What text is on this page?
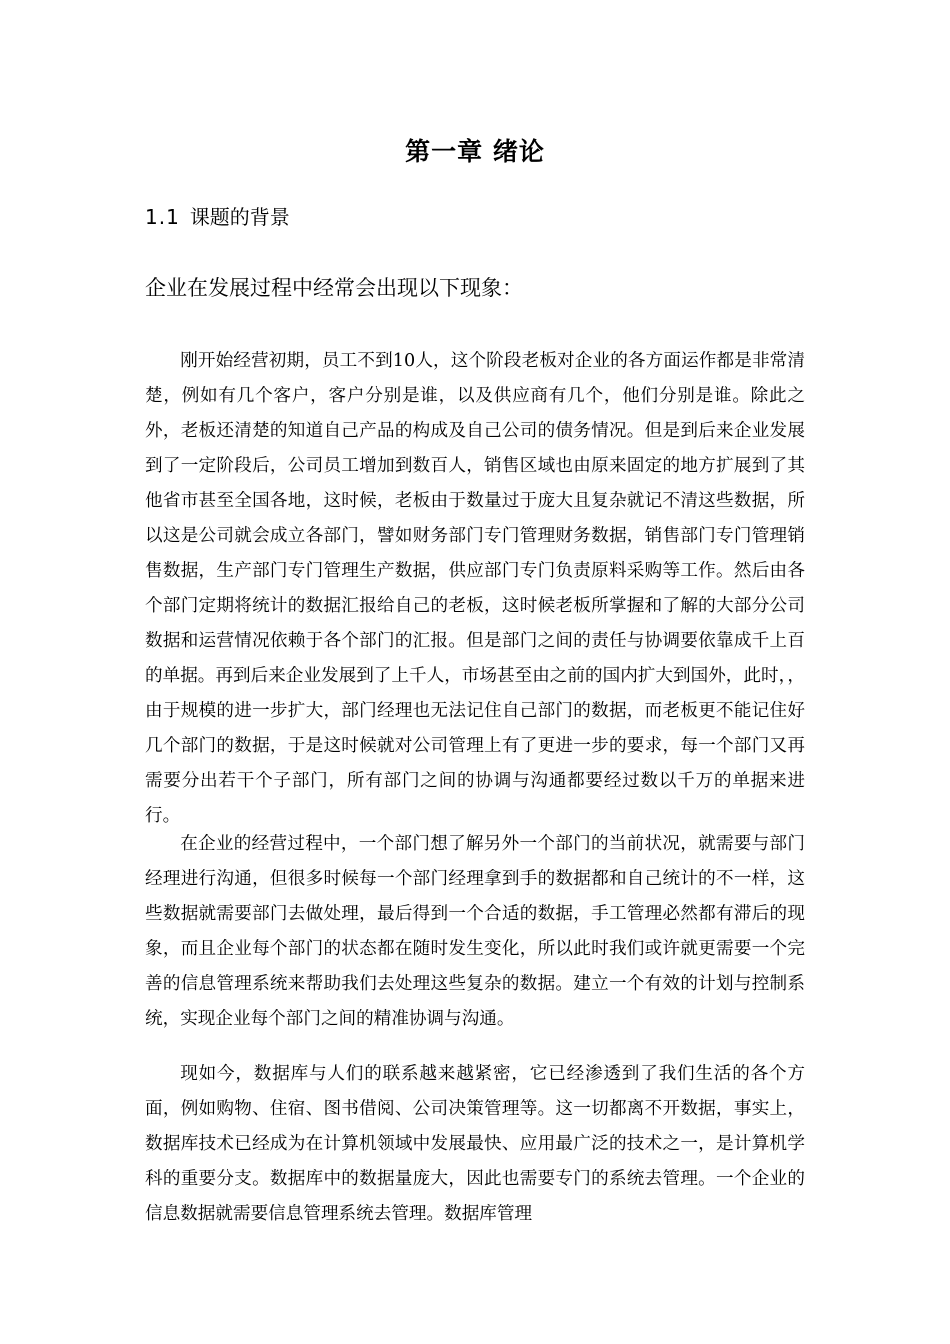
第一章 绪论
1.1 课题的背景
企业在发展过程中经常会出现以下现象：

刚开始经营初期，员工不到10人，这个阶段老板对企业的各方面运作都是非常清楚，例如有几个客户，客户分别是谁，以及供应商有几个，他们分别是谁。除此之外，老板还清楚的知道自己产品的构成及自己公司的债务情况。但是到后来企业发展到了一定阶段后，公司员工增加到数百人，销售区域也由原来固定的地方扩展到了其他省市甚至全国各地，这时候，老板由于数量过于庞大且复杂就记不清这些数据，所以这是公司就会成立各部门，譬如财务部门专门管理财务数据，销售部门专门管理销售数据，生产部门专门管理生产数据，供应部门专门负责原料采购等工作。然后由各个部门定期将统计的数据汇报给自己的老板，这时候老板所掌握和了解的大部分公司数据和运营情况依赖于各个部门的汇报。但是部门之间的责任与协调要依靠成千上百的单据。再到后来企业发展到了上千人，市场甚至由之前的国内扩大到国外，此时，，由于规模的进一步扩大，部门经理也无法记住自己部门的数据，而老板更不能记住好几个部门的数据，于是这时候就对公司管理上有了更进一步的要求，每一个部门又再需要分出若干个子部门，所有部门之间的协调与沟通都要经过数以千万的单据来进行。

在企业的经营过程中，一个部门想了解另外一个部门的当前状况，就需要与部门经理进行沟通，但很多时候每一个部门经理拿到手的数据都和自己统计的不一样，这些数据就需要部门去做处理，最后得到一个合适的数据，手工管理必然都有滞后的现象，而且企业每个部门的状态都在随时发生变化，所以此时我们或许就更需要一个完善的信息管理系统来帮助我们去处理这些复杂的数据。建立一个有效的计划与控制系统，实现企业每个部门之间的精准协调与沟通。

现如今，数据库与人们的联系越来越紧密，它已经渗透到了我们生活的各个方面，例如购物、住宿、图书借阅、公司决策管理等。这一切都离不开数据，事实上，数据库技术已经成为在计算机领域中发展最快、应用最广泛的技术之一，是计算机学科的重要分支。数据库中的数据量庞大，因此也需要专门的系统去管理。一个企业的信息数据就需要信息管理系统去管理。数据库管理
